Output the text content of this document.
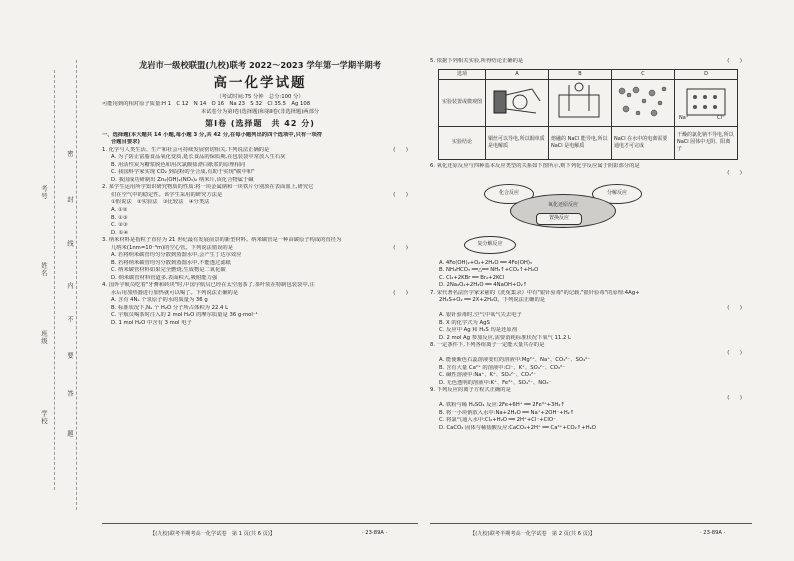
考号
姓名
班级
学校
密
封
线
内
不
要
答
题
龙岩市一级校联盟(九校)联考 2022～2023 学年第一学期半期考
高一化学试题
（考试时间:75 分钟　总分:100 分）
可能用到的相对原子质量:H 1　C 12　N 14　O 16　Na 23　S 32　Cl 35.5　Ag 108
本试卷分为第Ⅰ卷(选择题)和第Ⅱ卷(非选择题)两部分
第Ⅰ卷 (选择题　共 42 分)
一、选择题(本大题共 14 小题,每小题 3 分,共 42 分,在每小题列出的四个选项中,只有一项符
合题目要求)
1. 化学与人类生活、生产和社会可持续发展密切相关,下列说法正确的是	(　　)
A. 为了防止富脂食品氧化变质,延长食品的保质期,在包装袋中常放入生石灰
B. 用活性炭为糖浆脱色和用次氯酸盐漂白纸浆的原理相同
C. 我国科学家实现 CO₂ 到淀粉的全合成,有助于实现"碳中和"
D. 我国成功研制出 Zn₂(OH)₂(NO₃)₂ 纳米片,该化合物属于碱
2. 某学生运用所学知识研究物质的性质:将一块金属钠和一块铁片分别放在表面皿上,研究它
们在空气中的稳定性。该学生采用的研究方法是	(　　)
①假说法　②实验法　③比较法　④分类法
A. ①②
B. ①③
C. ②③
D. ①④
3. 纳米材料是指粒子直径为 21 世纪最有发展前景的新型材料。纳米碳管是一种由碳原子构成的直径为
几纳米(1nm=10⁻⁹m)的空心管。下列说法错误的是	(　　)
A. 若将纳米碳管均匀分散到蒸馏水中,会产生丁达尔效应
B. 若将纳米碳管均匀分散到蒸馏水中,不能透过滤纸
C. 纳米碳管材料如果完全燃烧,生成物是二氧化碳
D. 纳米碳管材料管道多,表面积大,吸附能力强
4. 国外宇航员吃着"牙膏和砖块"时,中国宇航员已经在太空泡茶了,茶叶装在特制包装袋中,注
水后用加热器进行加热就可以喝了。下列说法正确的是	(　　)
A. 含有 4Nₐ 个氢原子的水的质量为 36 g
B. 标准状况下,Nₐ 个 H₂O 分子所占体积为 22.4 L
C. 宇航员喝茶时注入的 2 mol H₂O 的摩尔质量是 36 g·mol⁻¹
D. 1 mol H₂O 中含有 3 mol 电子
5. 依据下列相关实验,所得结论正确的是	(　　)
选项	A	B	C	D
实验装置或微观图				Na⁺ Cl⁻

实验结论	铜丝可以导电,所以铜单质是电解质	熔融的 NaCl 能导电,所以 NaCl 是电解质	NaCl 在水中的电离需要通电才可完成	干燥的氯化钠不导电,所以 NaCl 固体中无阴、阳离子
6. 氧化还原反应与四种基本反应类型的关系如下图所示,则下列化学反应属于阴影部分的是
(　　)

化合反应	分解反应
氧化还原反应
置换反应
复分解反应
A. 4Fe(OH)₂+O₂+2H₂O ══ 4Fe(OH)₃
B. NH₄HCO₃ ══△══ NH₃↑+CO₂↑+H₂O
C. Cl₂+2KBr ══ Br₂+2KCl
D. 2Na₂O₂+2H₂O ══ 4NaOH+O₂↑
7. 宋代著名法医学家宋慈的《洗冤集录》中有"银针验毒"的记载,"银针验毒"的原理:4Ag+
2H₂S+O₂ ══ 2X+2H₂O。下列说法正确的是
(　　)

A. 银针验毒时,空气中氧气失去电子
B. X 的化学式为 AgS
C. 反应中 Ag 和 H₂S 均是还原剂
D. 2 mol Ag 参加反应,需要消耗标准状况下氧气 11.2 L
8. 一定条件下,下列各组离子一定能大量共存的是
(　　)

A. 能使紫色石蕊溶液变红的溶液中:Mg²⁺、Na⁺、CO₃²⁻、SO₄²⁻
B. 含有大量 Ca²⁺ 的溶液中:Cl⁻、K⁺、SO₄²⁻、CO₃²⁻
C. 碱性溶液中:Na⁺、K⁺、SO₄²⁻、CO₃²⁻
D. 无色透明的溶液中:K⁺、Fe³⁺、SO₄²⁻、NO₃⁻
9. 下列反应的离子方程式正确的是
(　　)

A. 铁粉与稀 H₂SO₄ 反应:2Fe+6H⁺ ══ 2Fe³⁺+3H₂↑
B. 将一小块钠放入水中:Na+2H₂O ══ Na⁺+2OH⁻+H₂↑
C. 将氯气通入水中:Cl₂+H₂O ══ 2H⁺+Cl⁻+ClO⁻
D. CaCO₃ 固体与稀盐酸反应:CaCO₃+2H⁺ ══ Ca²⁺+CO₂↑+H₂O
【(九校)联考半期考高一化学试卷　第 1 页(共 6 页)】	· 23-89A ·	【(九校)联考半期考高一化学试卷　第 2 页(共 6 页)】	· 23-89A ·
